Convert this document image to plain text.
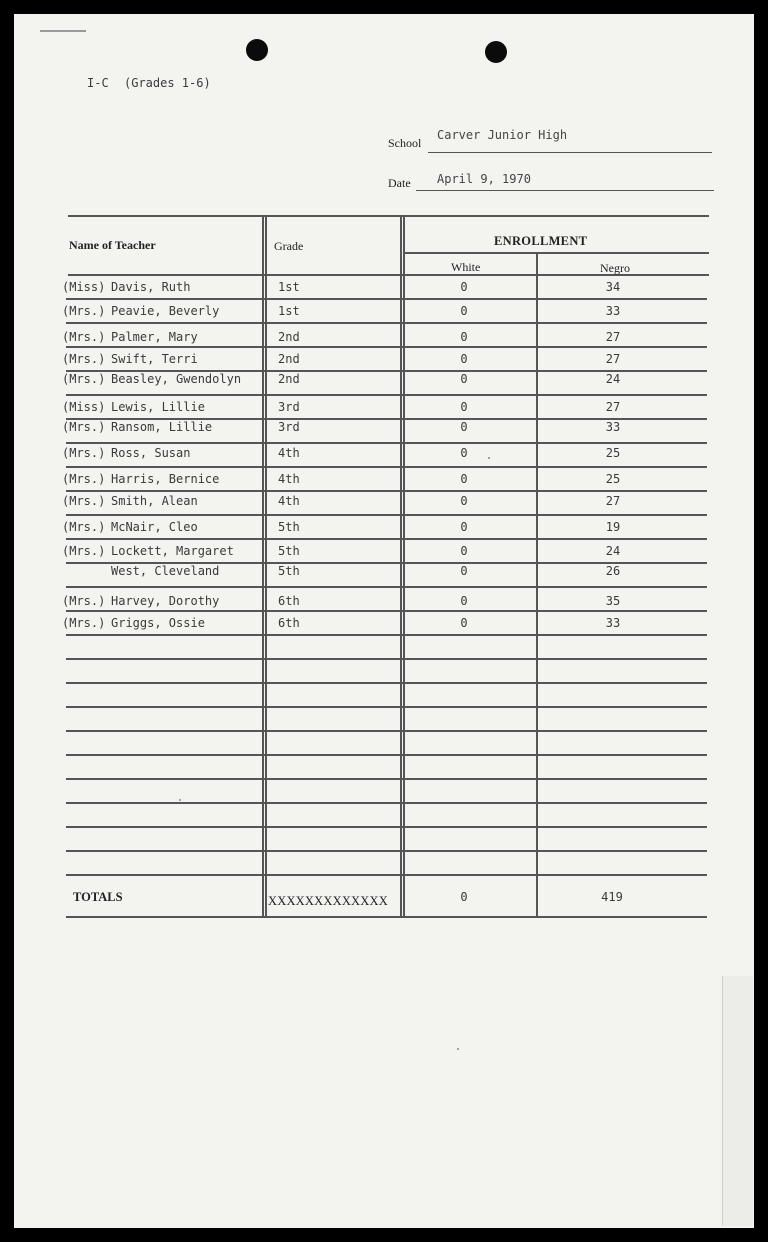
I-C (Grades 1-6)
School
Carver Junior High
Date April 9, 1970
Name of Teacher	Grade	ENROLLMENT
White	Negro
(Miss) Davis, Ruth	1st	0	34
(Mrs.) Peavie, Beverly	1st	0	33
(Mrs.) Palmer, Mary	2nd	0	27
(Mrs.) Swift, Terri	2nd	0	27
(Mrs.) Beasley, Gwendolyn	2nd	0	24
(Miss) Lewis, Lillie	3rd	0	27
(Mrs.) Ransom, Lillie	3rd	0	33
(Mrs.) Ross, Susan	4th	0	25
(Mrs.) Harris, Bernice	4th	0	25
(Mrs.) Smith, Alean	4th	0	27
(Mrs.) McNair, Cleo	5th	0	19
(Mrs.) Lockett, Margaret	5th	0	24
West, Cleveland	5th	0	26
(Mrs.) Harvey, Dorothy	6th	0	35
(Mrs.) Griggs, Ossie	6th	0	33
TOTALS	XXXXXXXXXXXXX	0	419
